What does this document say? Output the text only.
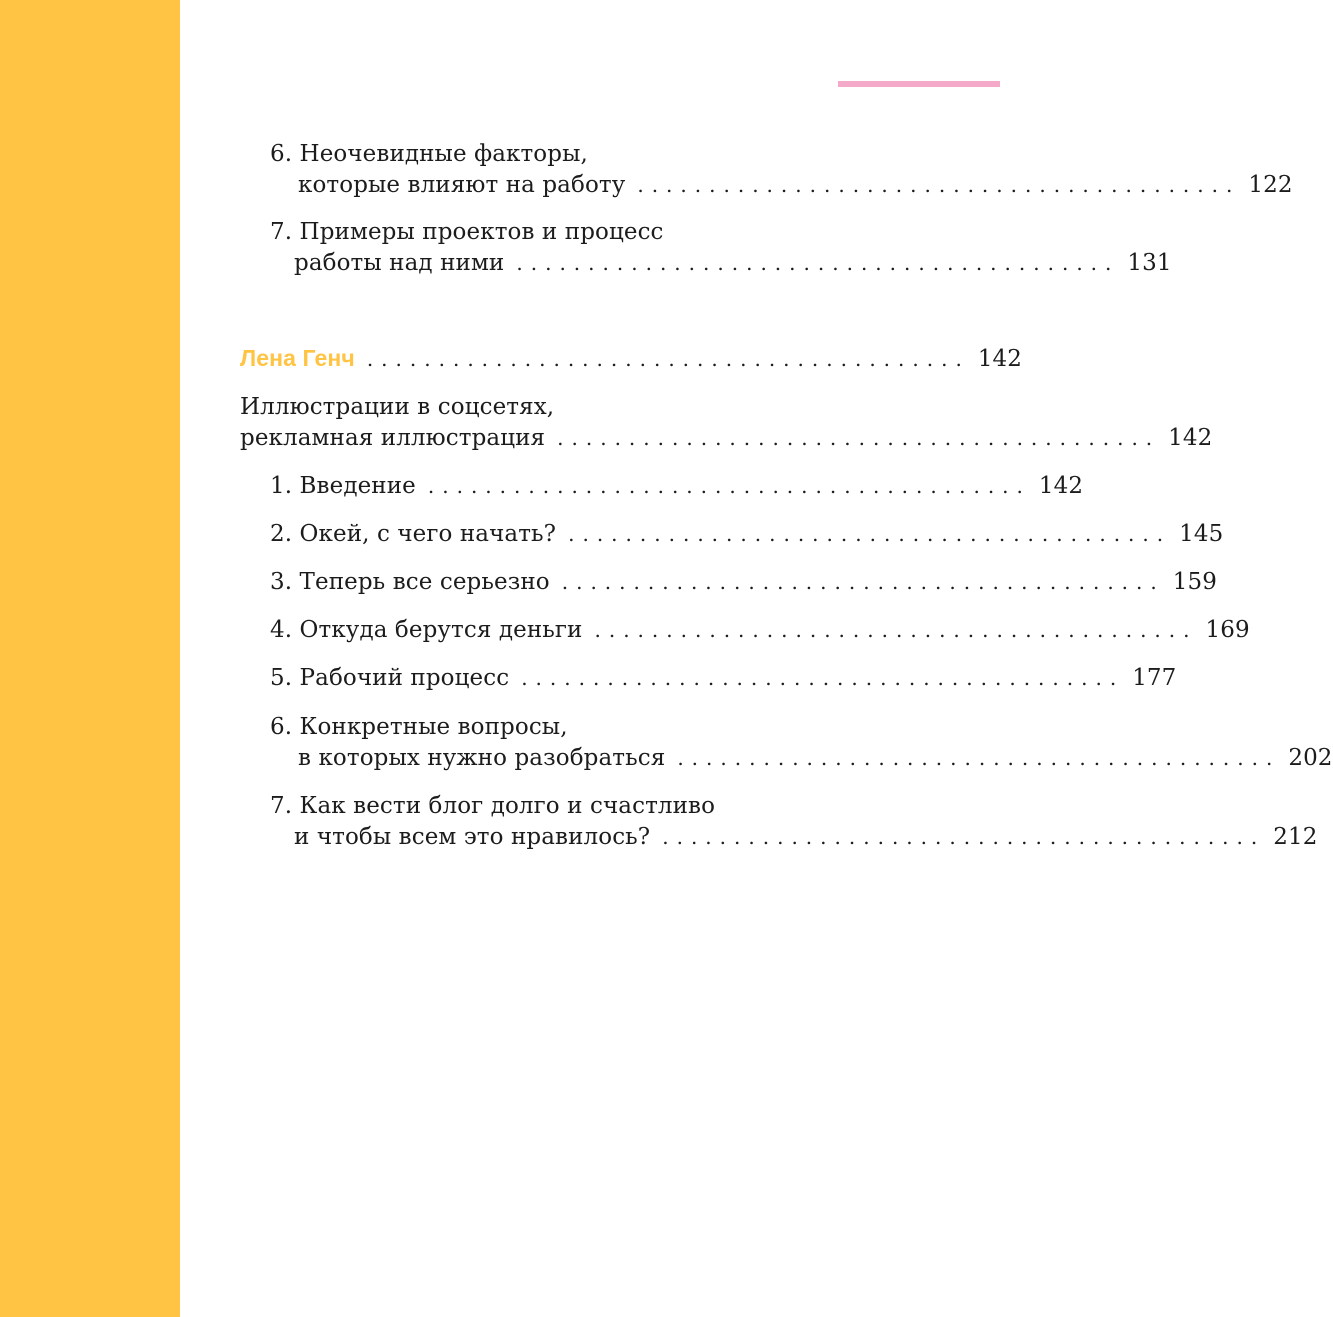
6. Неочевидные факторы,
которые влияют на работу .......................................... 122
7. Примеры проектов и процесс
работы над ними .......................................... 131
Лена Генч .......................................... 142
Иллюстрации в соцсетях,
рекламная иллюстрация .......................................... 142
1. Введение .......................................... 142
2. Окей, с чего начать? .......................................... 145
3. Теперь все серьезно .......................................... 159
4. Откуда берутся деньги .......................................... 169
5. Рабочий процесс .......................................... 177
6. Конкретные вопросы,
в которых нужно разобраться .......................................... 202
7. Как вести блог долго и счастливо
и чтобы всем это нравилось? .......................................... 212
